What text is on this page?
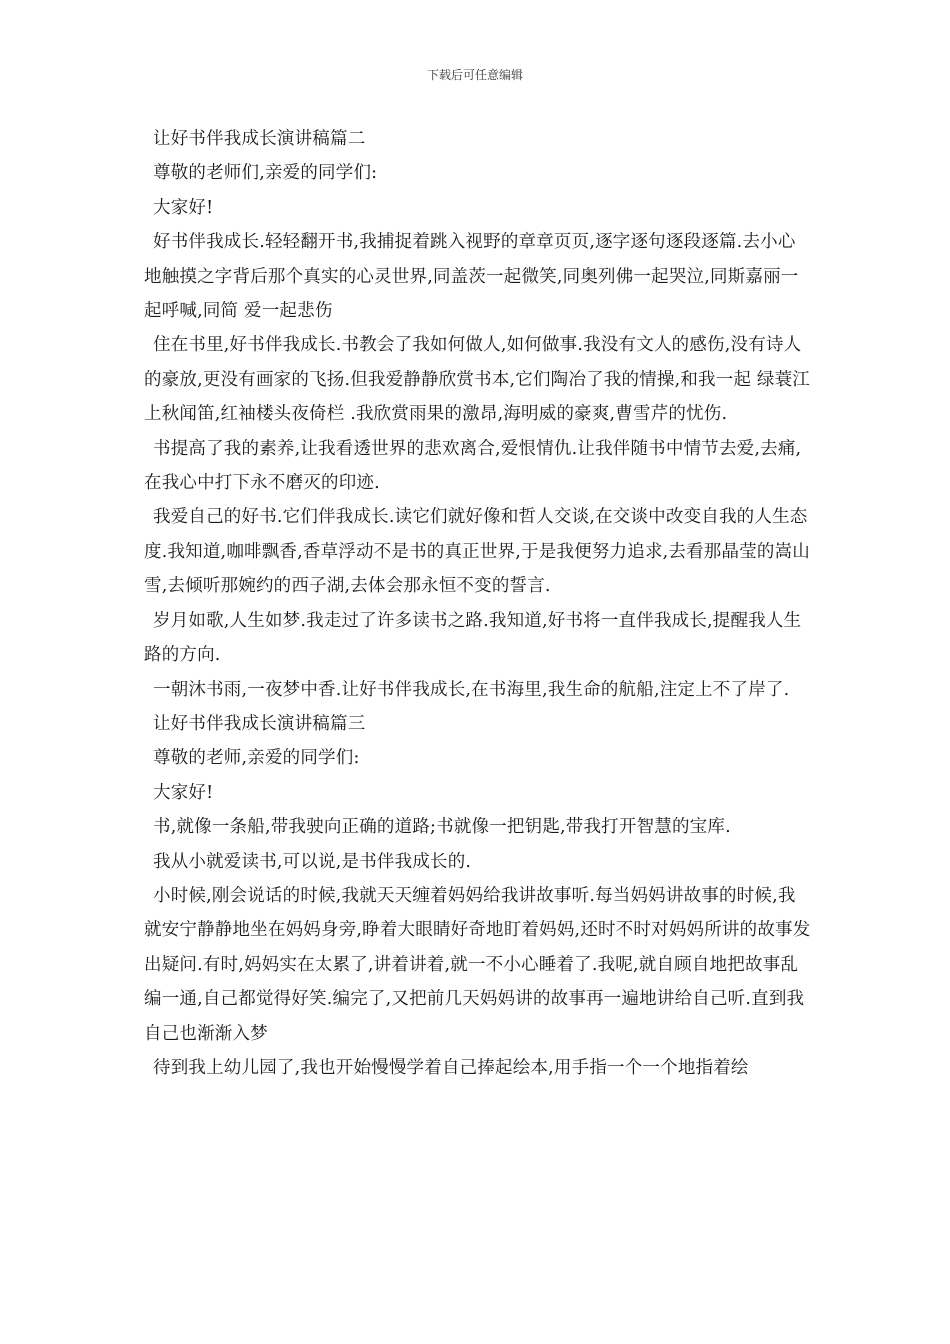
下载后可任意编辑

让好书伴我成长演讲稿篇二

尊敬的老师们,亲爱的同学们:

大家好!

好书伴我成长.轻轻翻开书,我捕捉着跳入视野的章章页页,逐字逐句逐段逐篇.去小心地触摸之字背后那个真实的心灵世界,同盖茨一起微笑,同奥列佛一起哭泣,同斯嘉丽一起呼喊,同简 爱一起悲伤

住在书里,好书伴我成长.书教会了我如何做人,如何做事.我没有文人的感伤,没有诗人的豪放,更没有画家的飞扬.但我爱静静欣赏书本,它们陶冶了我的情操,和我一起 绿蓑江上秋闻笛,红袖楼头夜倚栏 .我欣赏雨果的激昂,海明威的豪爽,曹雪芹的忧伤.

书提高了我的素养,让我看透世界的悲欢离合,爱恨情仇.让我伴随书中情节去爱,去痛,在我心中打下永不磨灭的印迹.

我爱自己的好书.它们伴我成长.读它们就好像和哲人交谈,在交谈中改变自我的人生态度.我知道,咖啡飘香,香草浮动不是书的真正世界,于是我便努力追求,去看那晶莹的嵩山雪,去倾听那婉约的西子湖,去体会那永恒不变的誓言.

岁月如歌,人生如梦.我走过了许多读书之路.我知道,好书将一直伴我成长,提醒我人生路的方向.

一朝沐书雨,一夜梦中香.让好书伴我成长,在书海里,我生命的航船,注定上不了岸了.

让好书伴我成长演讲稿篇三

尊敬的老师,亲爱的同学们:

大家好!

书,就像一条船,带我驶向正确的道路;书就像一把钥匙,带我打开智慧的宝库.

我从小就爱读书,可以说,是书伴我成长的.

小时候,刚会说话的时候,我就天天缠着妈妈给我讲故事听.每当妈妈讲故事的时候,我就安宁静静地坐在妈妈身旁,睁着大眼睛好奇地盯着妈妈,还时不时对妈妈所讲的故事发出疑问.有时,妈妈实在太累了,讲着讲着,就一不小心睡着了.我呢,就自顾自地把故事乱编一通,自己都觉得好笑.编完了,又把前几天妈妈讲的故事再一遍地讲给自己听.直到我自己也渐渐入梦

待到我上幼儿园了,我也开始慢慢学着自己捧起绘本,用手指一个一个地指着绘
